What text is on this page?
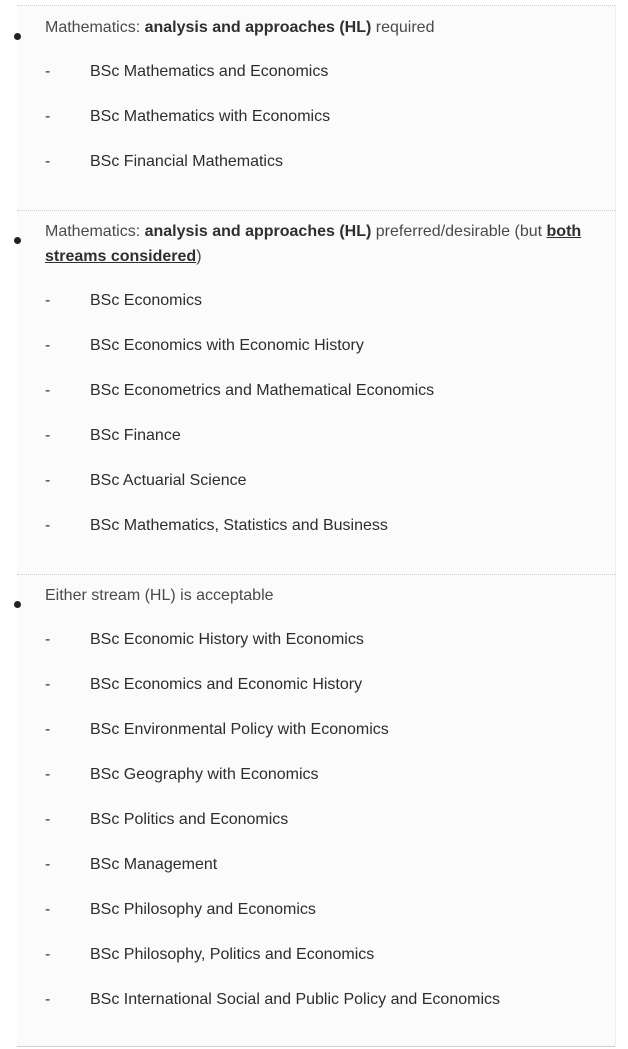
Mathematics: analysis and approaches (HL) required
- BSc Mathematics and Economics
- BSc Mathematics with Economics
- BSc Financial Mathematics
Mathematics: analysis and approaches (HL) preferred/desirable (but both streams considered)
- BSc Economics
- BSc Economics with Economic History
- BSc Econometrics and Mathematical Economics
- BSc Finance
- BSc Actuarial Science
- BSc Mathematics, Statistics and Business
Either stream (HL) is acceptable
- BSc Economic History with Economics
- BSc Economics and Economic History
- BSc Environmental Policy with Economics
- BSc Geography with Economics
- BSc Politics and Economics
- BSc Management
- BSc Philosophy and Economics
- BSc Philosophy, Politics and Economics
- BSc International Social and Public Policy and Economics
